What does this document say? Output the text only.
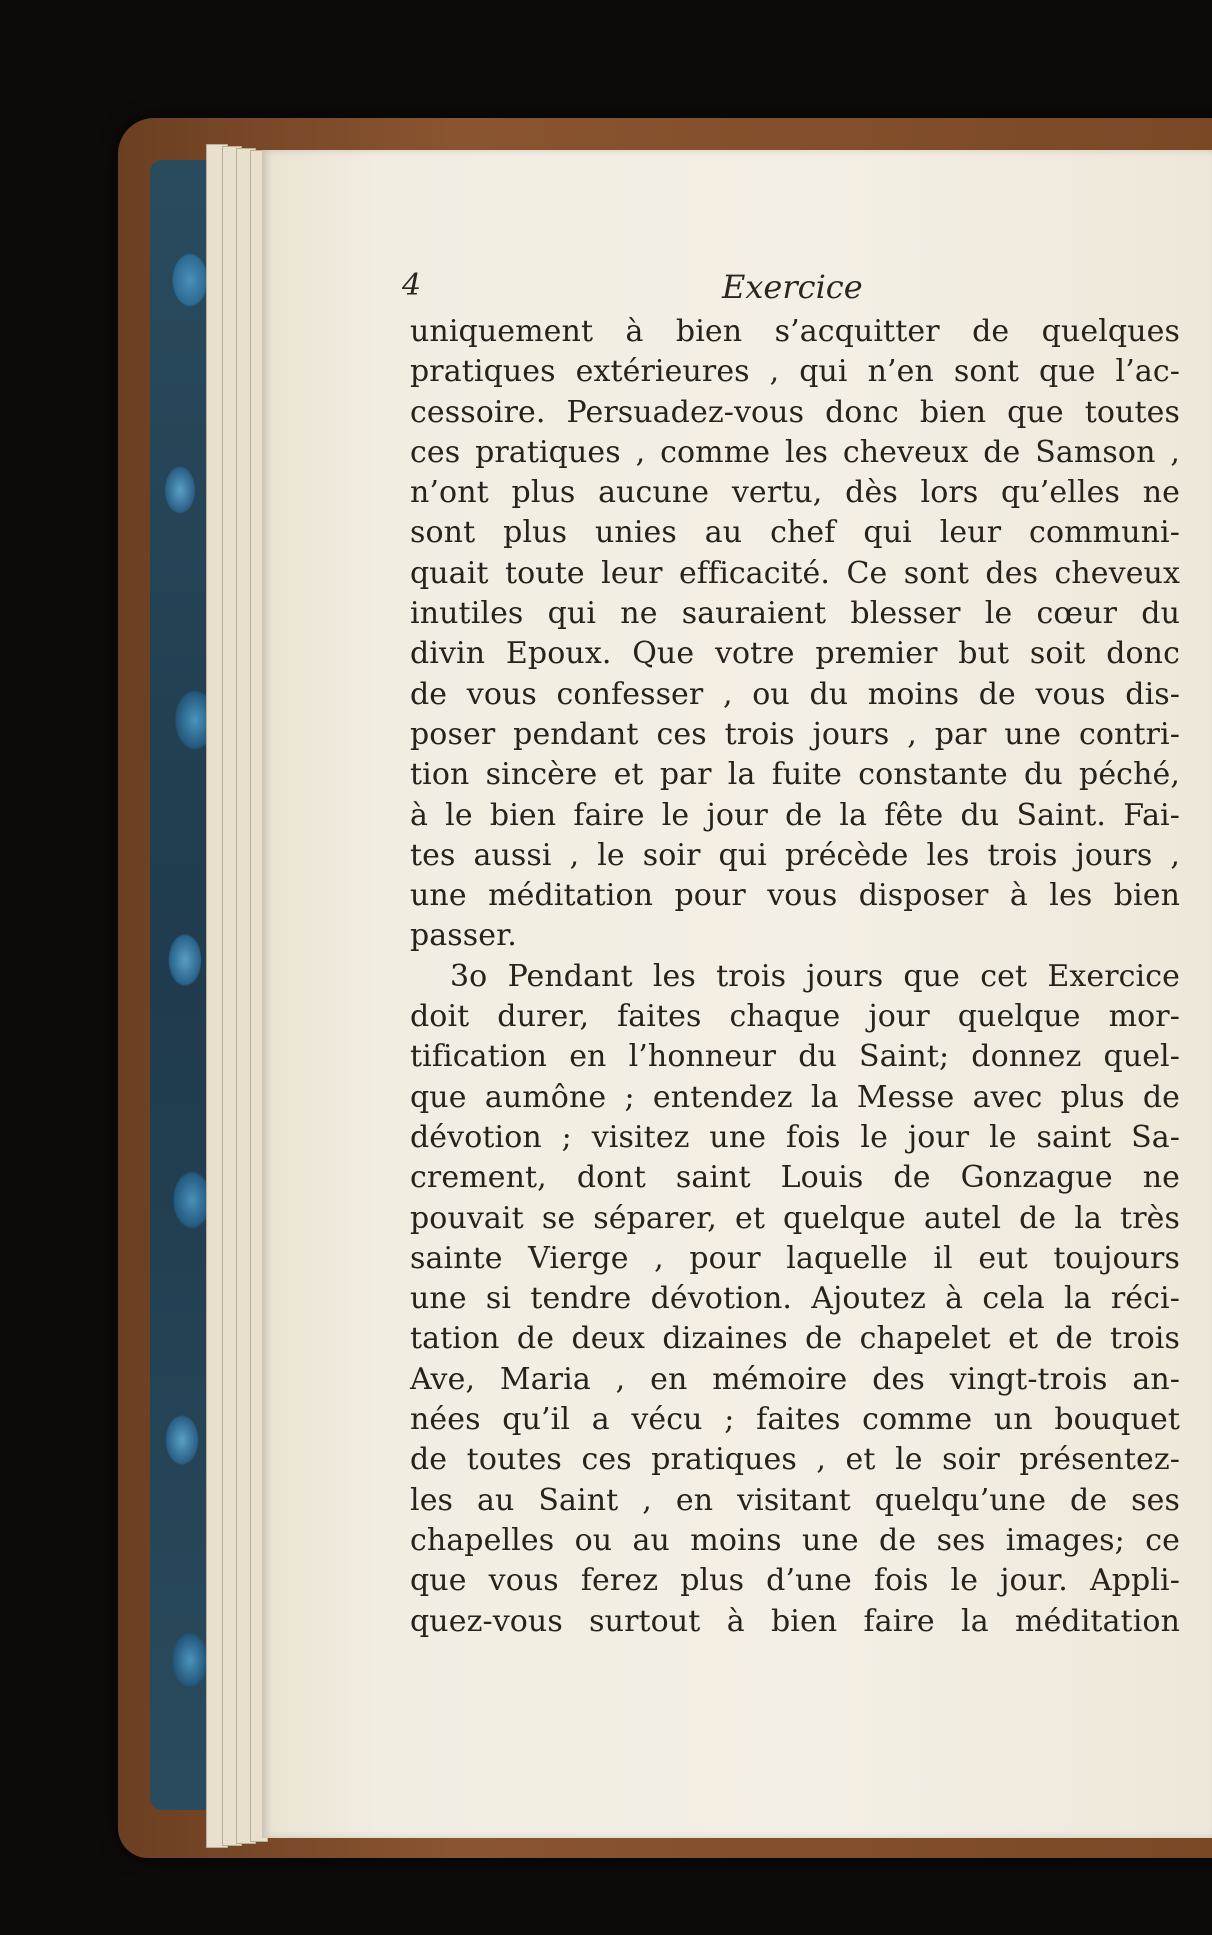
4	Exercice
uniquement à bien s’acquitter de quelques
pratiques extérieures , qui n’en sont que l’ac-
cessoire. Persuadez-vous donc bien que toutes
ces pratiques , comme les cheveux de Samson ,
n’ont plus aucune vertu, dès lors qu’elles ne
sont plus unies au chef qui leur communi-
quait toute leur efficacité. Ce sont des cheveux
inutiles qui ne sauraient blesser le cœur du
divin Epoux. Que votre premier but soit donc
de vous confesser , ou du moins de vous dis-
poser pendant ces trois jours , par une contri-
tion sincère et par la fuite constante du péché,
à le bien faire le jour de la fête du Saint. Fai-
tes aussi , le soir qui précède les trois jours ,
une méditation pour vous disposer à les bien
passer.
3o Pendant les trois jours que cet Exercice
doit durer, faites chaque jour quelque mor-
tification en l’honneur du Saint; donnez quel-
que aumône ; entendez la Messe avec plus de
dévotion ; visitez une fois le jour le saint Sa-
crement, dont saint Louis de Gonzague ne
pouvait se séparer, et quelque autel de la très
sainte Vierge , pour laquelle il eut toujours
une si tendre dévotion. Ajoutez à cela la réci-
tation de deux dizaines de chapelet et de trois
Ave, Maria , en mémoire des vingt-trois an-
nées qu’il a vécu ; faites comme un bouquet
de toutes ces pratiques , et le soir présentez-
les au Saint , en visitant quelqu’une de ses
chapelles ou au moins une de ses images; ce
que vous ferez plus d’une fois le jour. Appli-
quez-vous surtout à bien faire la méditation
